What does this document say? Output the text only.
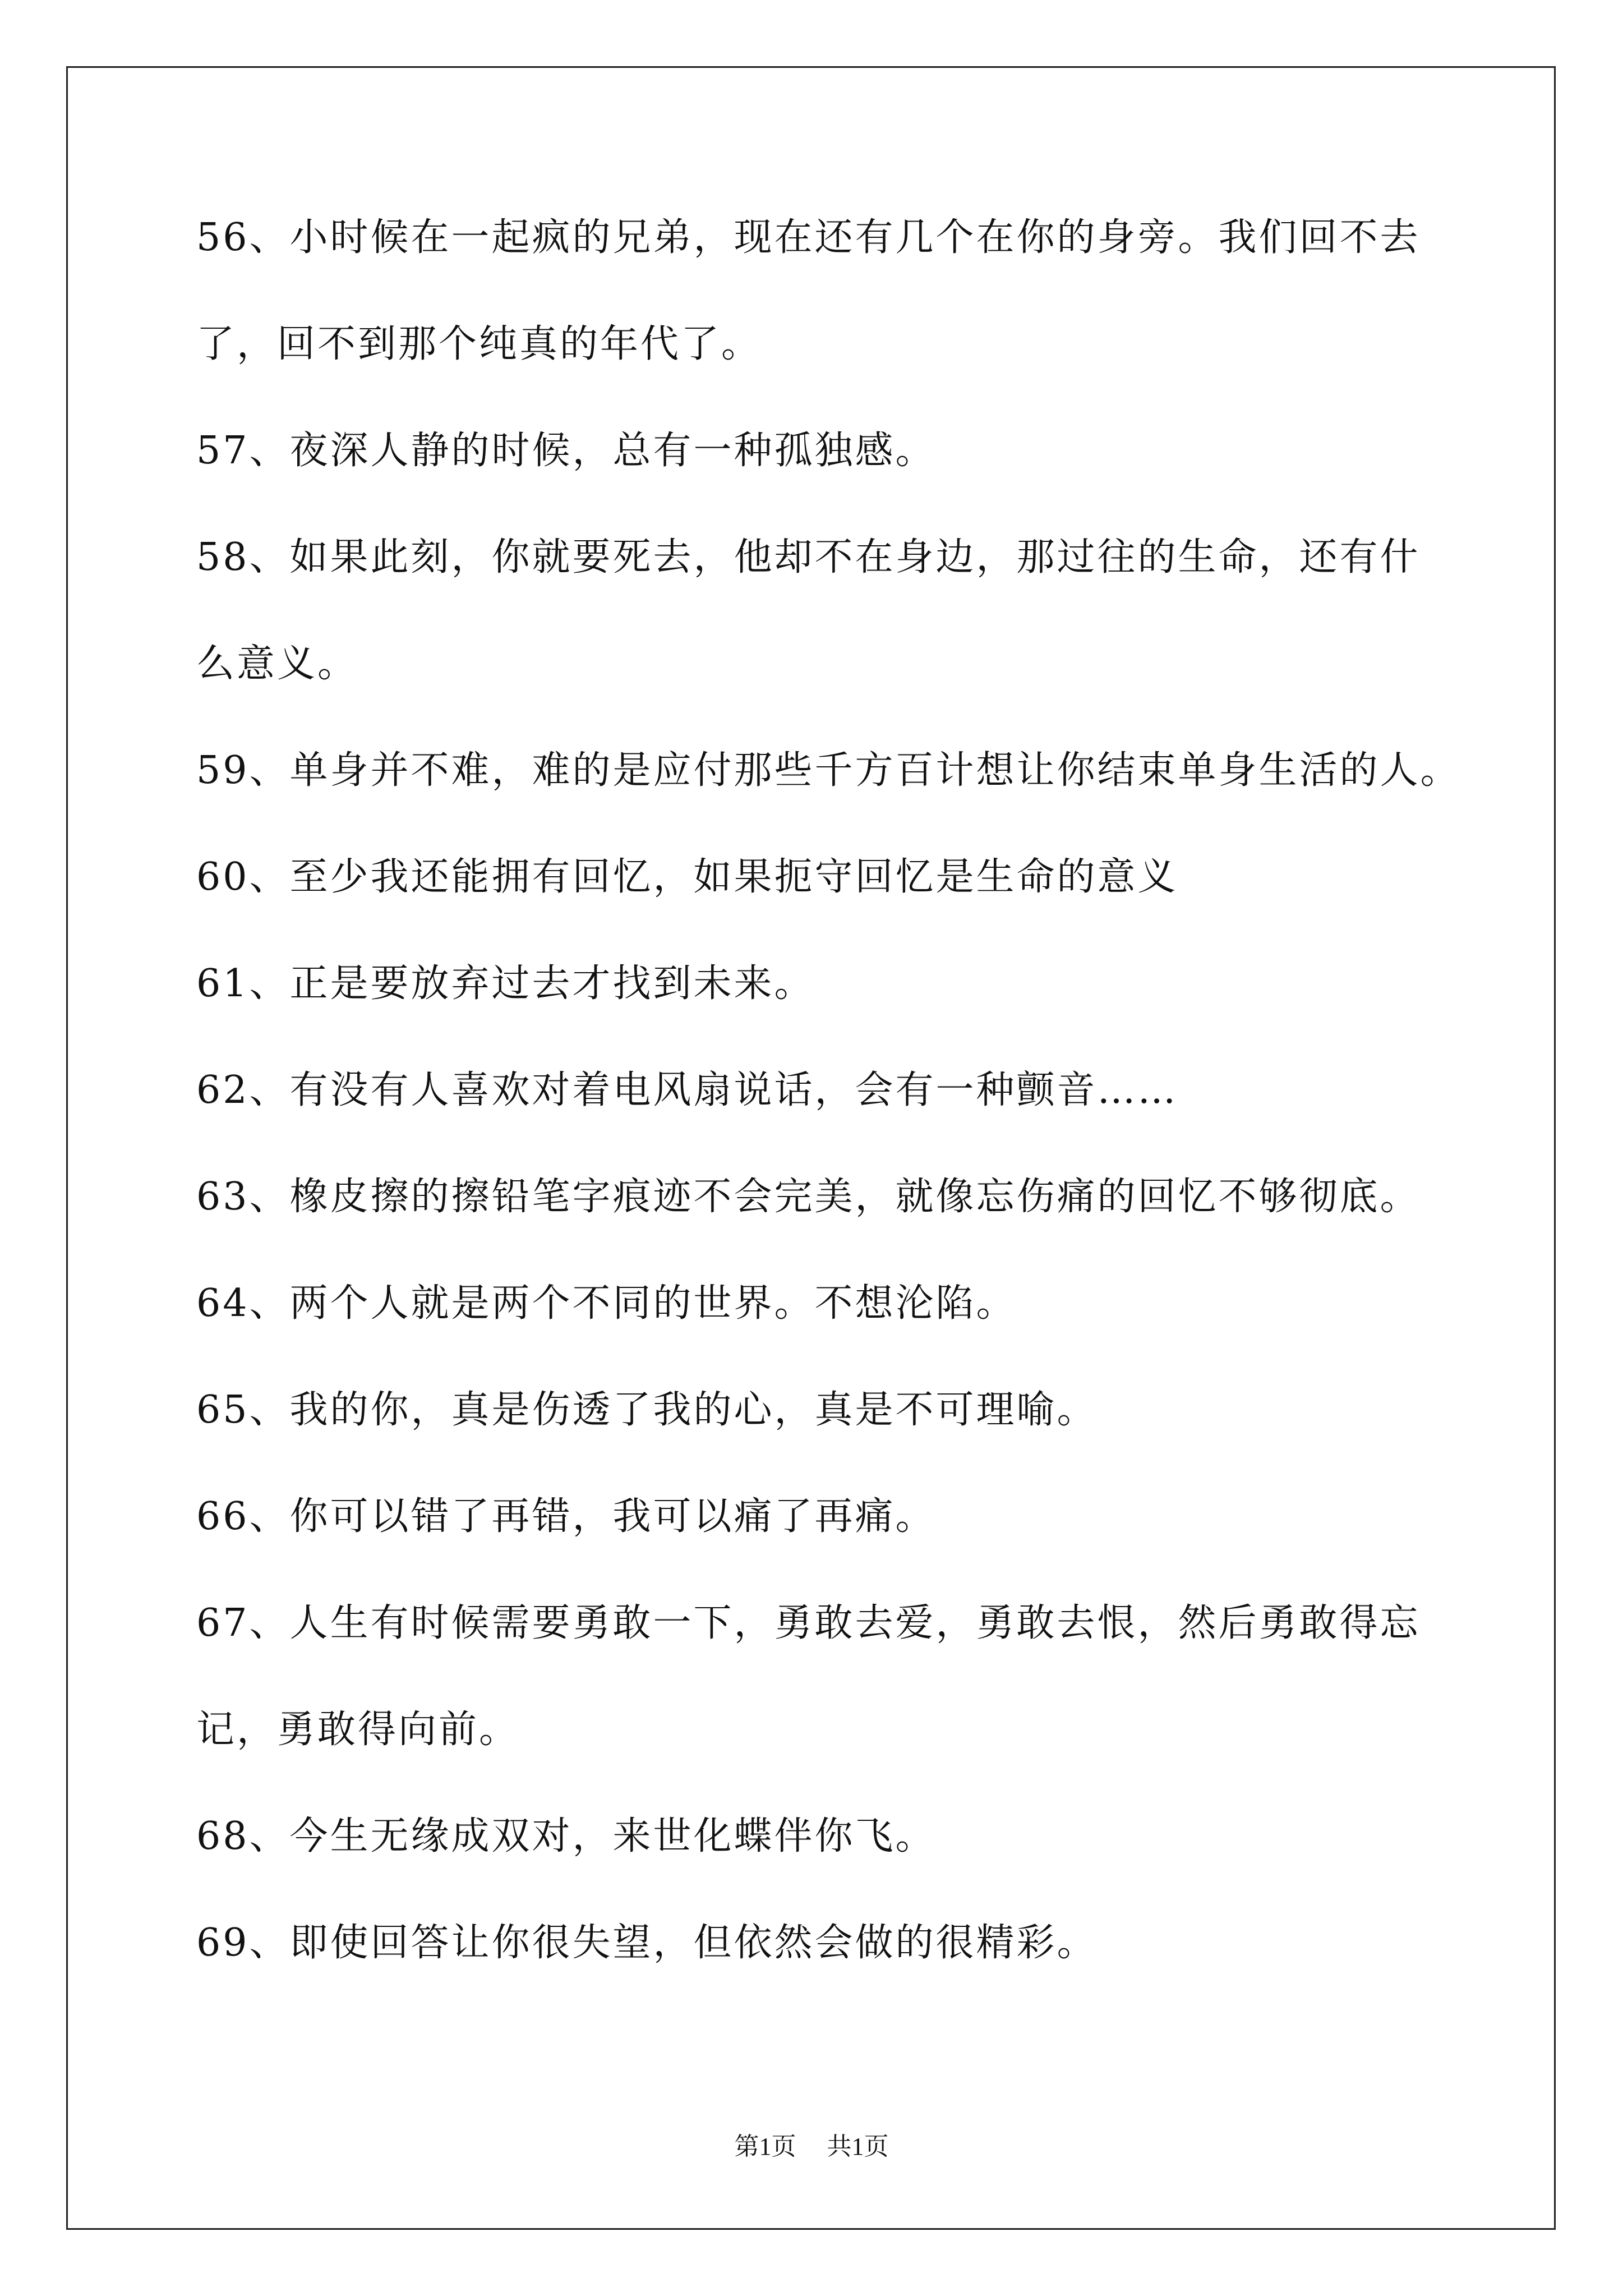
56、小时候在一起疯的兄弟，现在还有几个在你的身旁。我们回不去
了，回不到那个纯真的年代了。
57、夜深人静的时候，总有一种孤独感。
58、如果此刻，你就要死去，他却不在身边，那过往的生命，还有什
么意义。
59、单身并不难，难的是应付那些千方百计想让你结束单身生活的人。
60、至少我还能拥有回忆，如果扼守回忆是生命的意义
61、正是要放弃过去才找到未来。
62、有没有人喜欢对着电风扇说话，会有一种颤音……
63、橡皮擦的擦铅笔字痕迹不会完美，就像忘伤痛的回忆不够彻底。
64、两个人就是两个不同的世界。不想沦陷。
65、我的你，真是伤透了我的心，真是不可理喻。
66、你可以错了再错，我可以痛了再痛。
67、人生有时候需要勇敢一下，勇敢去爱，勇敢去恨，然后勇敢得忘
记，勇敢得向前。
68、今生无缘成双对，来世化蝶伴你飞。
69、即使回答让你很失望，但依然会做的很精彩。
第1页 共1页
